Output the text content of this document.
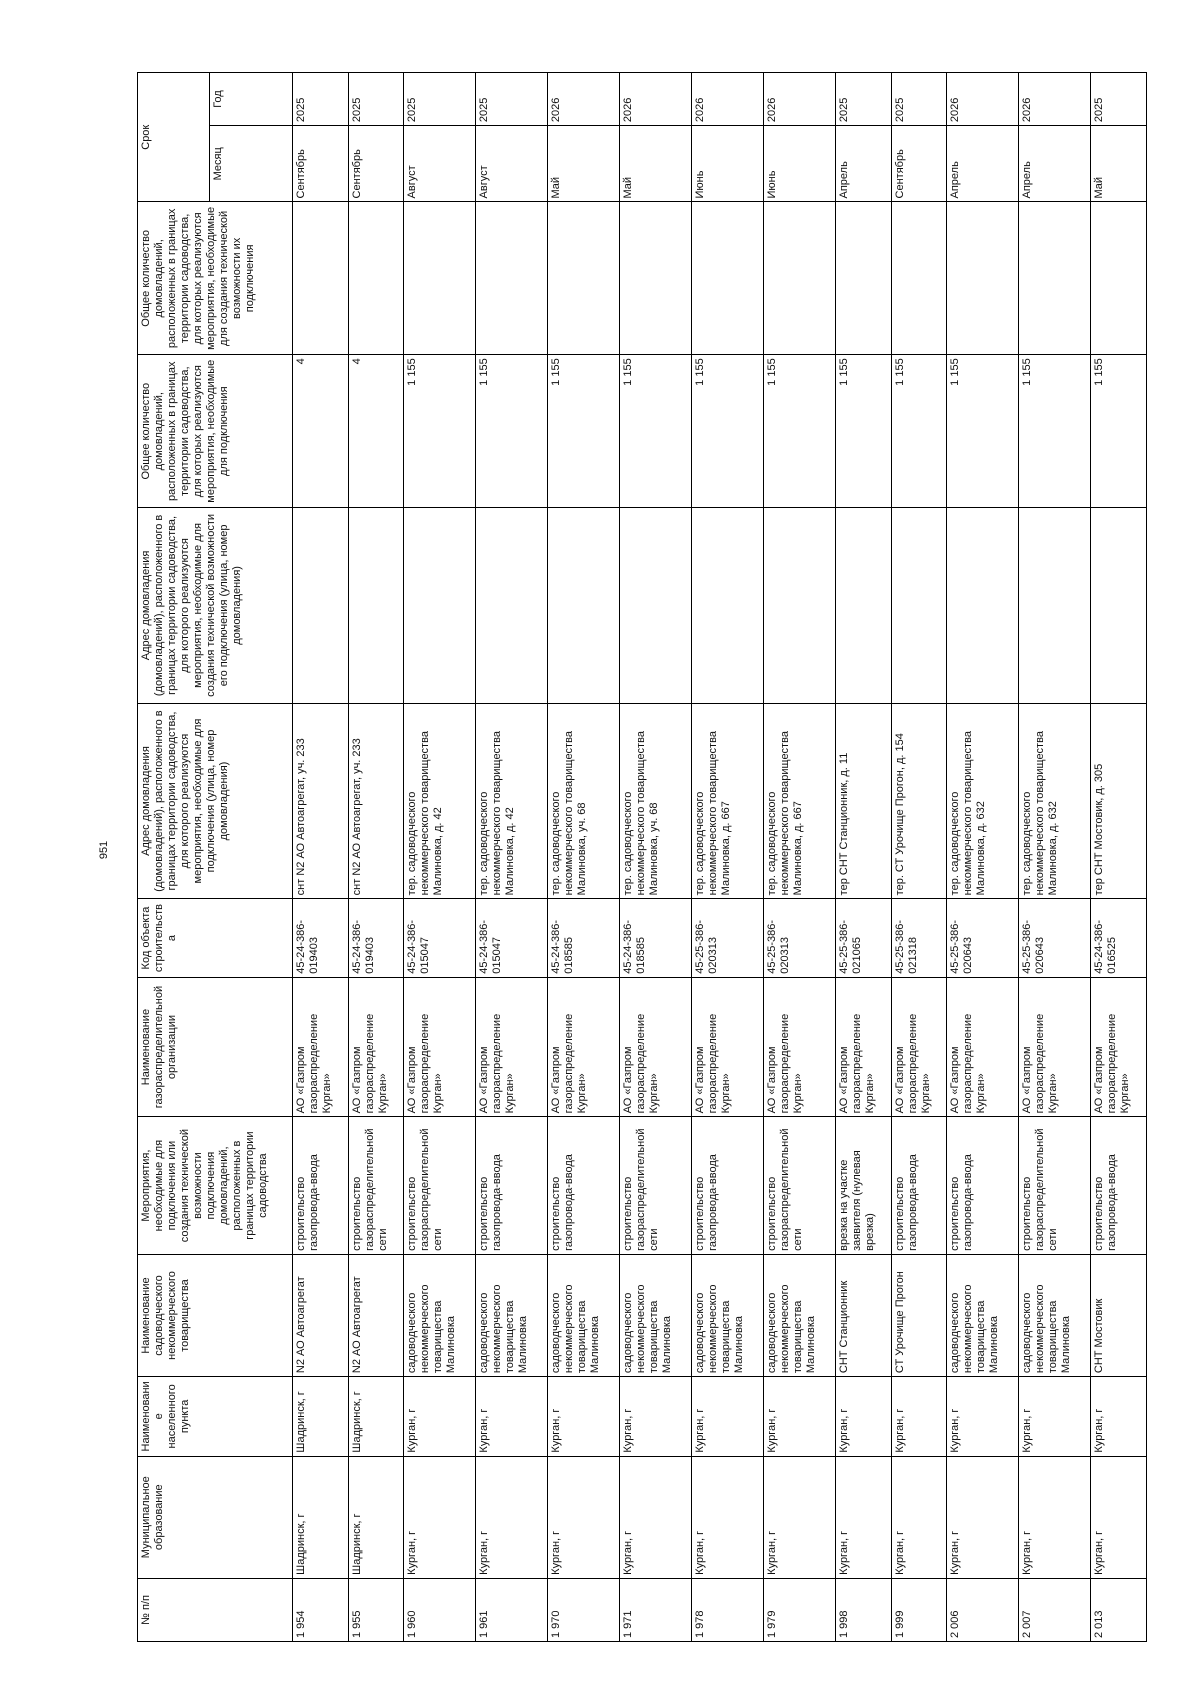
951
№ п/п	Муниципальное образование	Наименование населенного пункта	Наименование садоводческого некоммерческого товарищества	Мероприятия, необходимые для подключения или создания технической возможности подключения домовладений, расположенных в границах территории садоводства	Наименование газораспределительной организации	Код объекта строительства	Адрес домовладения (домовладений), расположенного в границах территории садоводства, для которого реализуются мероприятия, необходимые для подключения (улица, номер домовладения)	Адрес домовладения (домовладений), расположенного в границах территории садоводства, для которого реализуются мероприятия, необходимые для создания технической возможности его подключения (улица, номер домовладения)	Общее количество домовладений, расположенных в границах территории садоводства, для которых реализуются мероприятия, необходимые для подключения	Общее количество домовладений, расположенных в границах территории садоводства, для которых реализуются мероприятия, необходимые для создания технической возможности их подключения	Срок	
											Месяц	Год
1 954	Шадринск, г	Шадринск, г	N2 АО Автоагрегат	строительство газопровода-ввода	АО «Газпром газораспределение Курган»	45-24-386-019403	снт N2 АО Автоагрегат, уч. 233		4		Сентябрь	2025
1 955	Шадринск, г	Шадринск, г	N2 АО Автоагрегат	строительство газораспределительной сети	АО «Газпром газораспределение Курган»	45-24-386-019403	снт N2 АО Автоагрегат, уч. 233		4		Сентябрь	2025
1 960	Курган, г	Курган, г	садоводческого некоммерческого товарищества Малиновка	строительство газораспределительной сети	АО «Газпром газораспределение Курган»	45-24-386-015047	тер. садоводческого некоммерческого товарищества Малиновка, д. 42		1 155		Август	2025
1 961	Курган, г	Курган, г	садоводческого некоммерческого товарищества Малиновка	строительство газопровода-ввода	АО «Газпром газораспределение Курган»	45-24-386-015047	тер. садоводческого некоммерческого товарищества Малиновка, д. 42		1 155		Август	2025
1 970	Курган, г	Курган, г	садоводческого некоммерческого товарищества Малиновка	строительство газопровода-ввода	АО «Газпром газораспределение Курган»	45-24-386-018585	тер. садоводческого некоммерческого товарищества Малиновка, уч. 68		1 155		Май	2026
1 971	Курган, г	Курган, г	садоводческого некоммерческого товарищества Малиновка	строительство газораспределительной сети	АО «Газпром газораспределение Курган»	45-24-386-018585	тер. садоводческого некоммерческого товарищества Малиновка, уч. 68		1 155		Май	2026
1 978	Курган, г	Курган, г	садоводческого некоммерческого товарищества Малиновка	строительство газопровода-ввода	АО «Газпром газораспределение Курган»	45-25-386-020313	тер. садоводческого некоммерческого товарищества Малиновка, д. 667		1 155		Июнь	2026
1 979	Курган, г	Курган, г	садоводческого некоммерческого товарищества Малиновка	строительство газораспределительной сети	АО «Газпром газораспределение Курган»	45-25-386-020313	тер. садоводческого некоммерческого товарищества Малиновка, д. 667		1 155		Июнь	2026
1 998	Курган, г	Курган, г	СНТ Станционник	врезка на участке заявителя (нулевая врезка)	АО «Газпром газораспределение Курган»	45-25-386-021065	тер СНТ Станционник, д. 11		1 155		Апрель	2025
1 999	Курган, г	Курган, г	СТ Урочище Прогон	строительство газопровода-ввода	АО «Газпром газораспределение Курган»	45-25-386-021318	тер. СТ Урочище Прогон, д. 154		1 155		Сентябрь	2025
2 006	Курган, г	Курган, г	садоводческого некоммерческого товарищества Малиновка	строительство газопровода-ввода	АО «Газпром газораспределение Курган»	45-25-386-020643	тер. садоводческого некоммерческого товарищества Малиновка, д. 632		1 155		Апрель	2026
2 007	Курган, г	Курган, г	садоводческого некоммерческого товарищества Малиновка	строительство газораспределительной сети	АО «Газпром газораспределение Курган»	45-25-386-020643	тер. садоводческого некоммерческого товарищества Малиновка, д. 632		1 155		Апрель	2026
2 013	Курган, г	Курган, г	СНТ Мостовик	строительство газопровода-ввода	АО «Газпром газораспределение Курган»	45-24-386-016525	тер СНТ Мостовик, д. 305		1 155		Май	2025
